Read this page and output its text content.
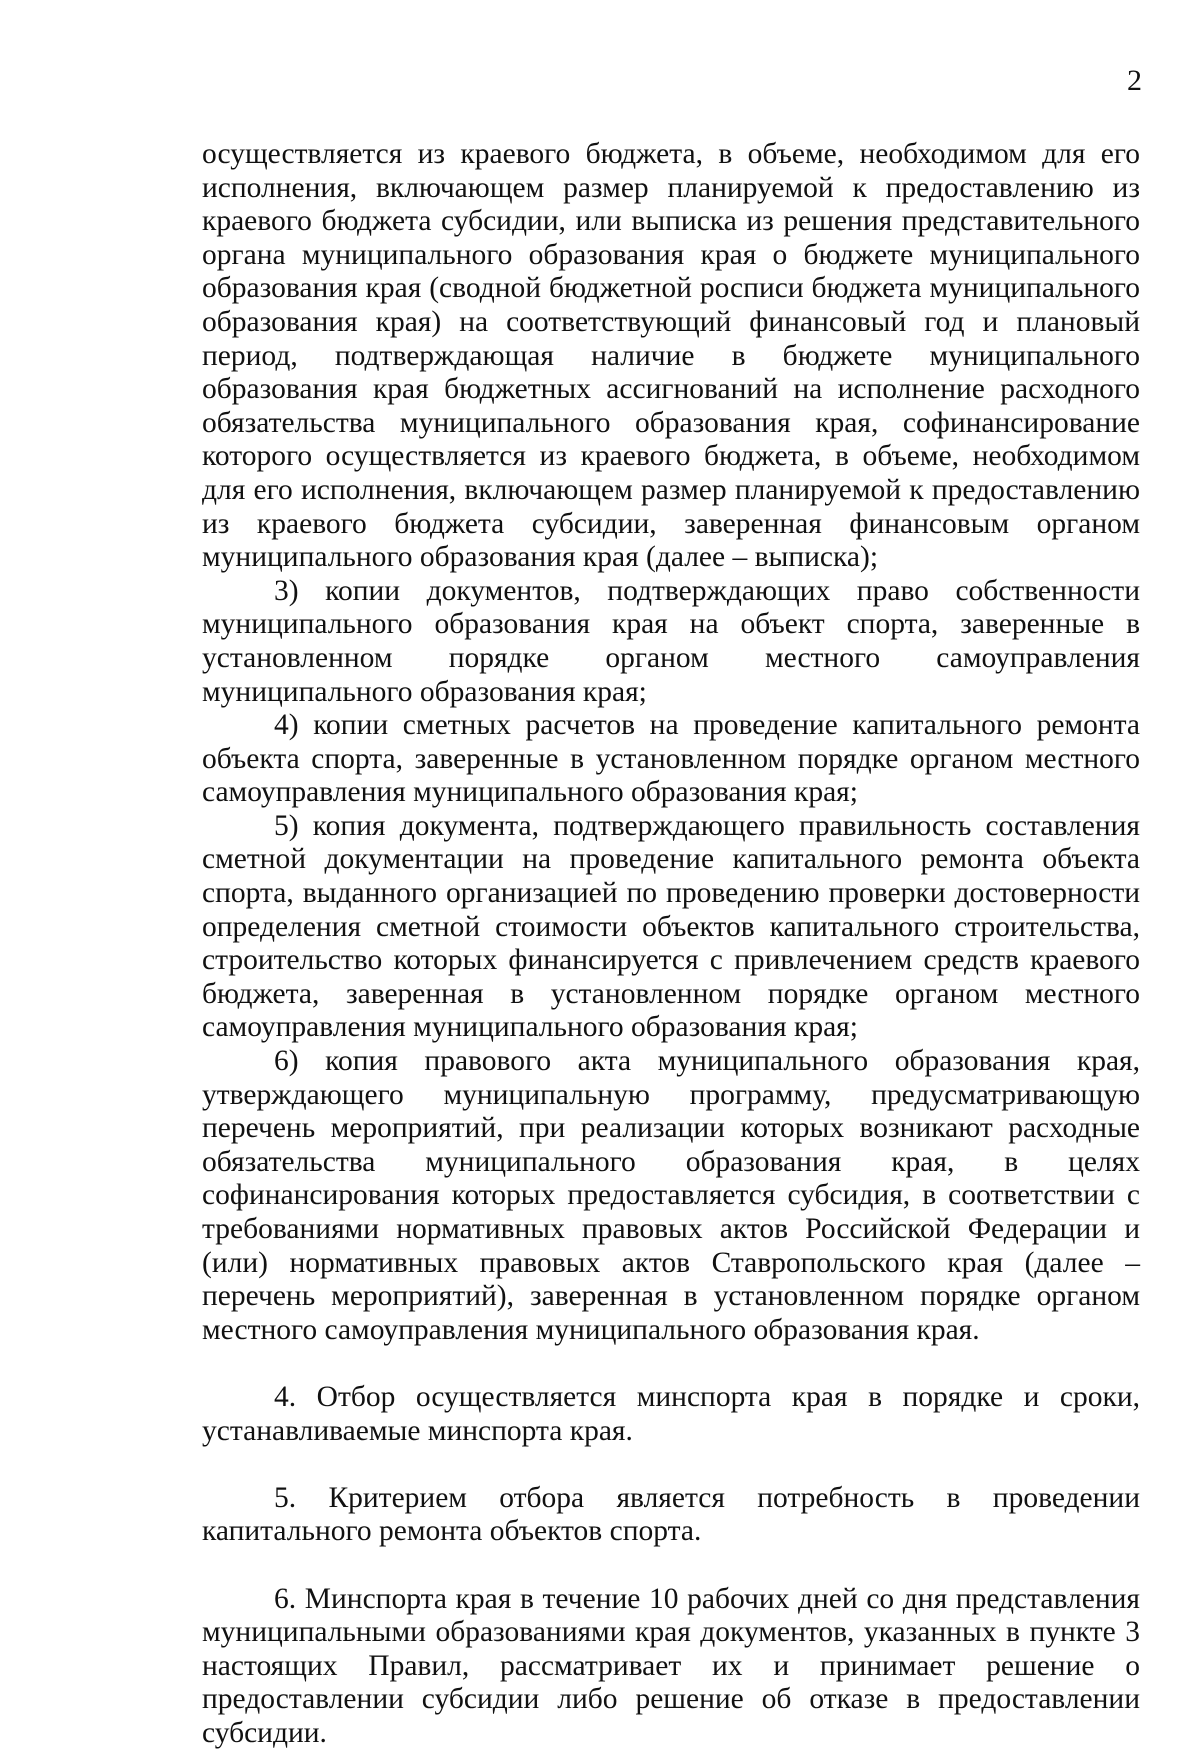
2

осуществляется из краевого бюджета, в объеме, необходимом для его исполнения, включающем размер планируемой к предоставлению из краевого бюджета субсидии, или выписка из решения представительного органа муниципального образования края о бюджете муниципального образования края (сводной бюджетной росписи бюджета муниципального образования края) на соответствующий финансовый год и плановый период, подтверждающая наличие в бюджете муниципального образования края бюджетных ассигнований на исполнение расходного обязательства муниципального образования края, софинансирование которого осуществляется из краевого бюджета, в объеме, необходимом для его исполнения, включающем размер планируемой к предоставлению из краевого бюджета субсидии, заверенная финансовым органом муниципального образования края (далее – выписка);

3) копии документов, подтверждающих право собственности муниципального образования края на объект спорта, заверенные в установленном порядке органом местного самоуправления муниципального образования края;

4) копии сметных расчетов на проведение капитального ремонта объекта спорта, заверенные в установленном порядке органом местного самоуправления муниципального образования края;

5) копия документа, подтверждающего правильность составления сметной документации на проведение капитального ремонта объекта спорта, выданного организацией по проведению проверки достоверности определения сметной стоимости объектов капитального строительства, строительство которых финансируется с привлечением средств краевого бюджета, заверенная в установленном порядке органом местного самоуправления муниципального образования края;

6) копия правового акта муниципального образования края, утверждающего муниципальную программу, предусматривающую перечень мероприятий, при реализации которых возникают расходные обязательства муниципального образования края, в целях софинансирования которых предоставляется субсидия, в соответствии с требованиями нормативных правовых актов Российской Федерации и (или) нормативных правовых актов Ставропольского края (далее – перечень мероприятий), заверенная в установленном порядке органом местного самоуправления муниципального образования края.

4. Отбор осуществляется минспорта края в порядке и сроки, устанавливаемые минспорта края.

5. Критерием отбора является потребность в проведении капитального ремонта объектов спорта.

6. Минспорта края в течение 10 рабочих дней со дня представления муниципальными образованиями края документов, указанных в пункте 3 настоящих Правил, рассматривает их и принимает решение о предоставлении субсидии либо решение об отказе в предоставлении субсидии.
